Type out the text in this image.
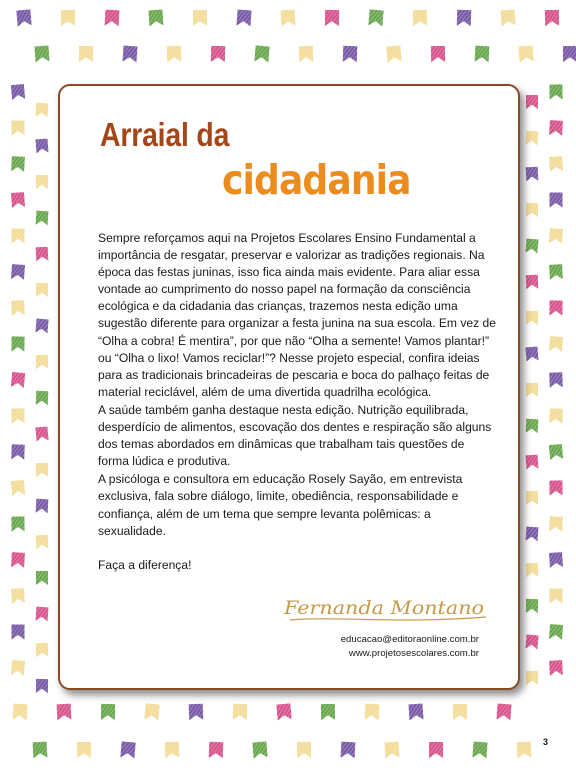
Arraial da
cidadania

Sempre reforçamos aqui na Projetos Escolares Ensino Fundamental a importância de resgatar, preservar e valorizar as tradições regionais. Na época das festas juninas, isso fica ainda mais evidente. Para aliar essa vontade ao cumprimento do nosso papel na formação da consciência ecológica e da cidadania das crianças, trazemos nesta edição uma sugestão diferente para organizar a festa junina na sua escola. Em vez de “Olha a cobra! É mentira”, por que não “Olha a semente! Vamos plantar!” ou “Olha o lixo! Vamos reciclar!”? Nesse projeto especial, confira ideias para as tradicionais brincadeiras de pescaria e boca do palhaço feitas de material reciclável, além de uma divertida quadrilha ecológica.

A saúde também ganha destaque nesta edição. Nutrição equilibrada, desperdício de alimentos, escovação dos dentes e respiração são alguns dos temas abordados em dinâmicas que trabalham tais questões de forma lúdica e produtiva.

A psicóloga e consultora em educação Rosely Sayão, em entrevista exclusiva, fala sobre diálogo, limite, obediência, responsabilidade e confiança, além de um tema que sempre levanta polêmicas: a sexualidade.

Faça a diferença!

Fernanda Montano
educacao@editoraonline.com.br
www.projetosescolares.com.br
3
